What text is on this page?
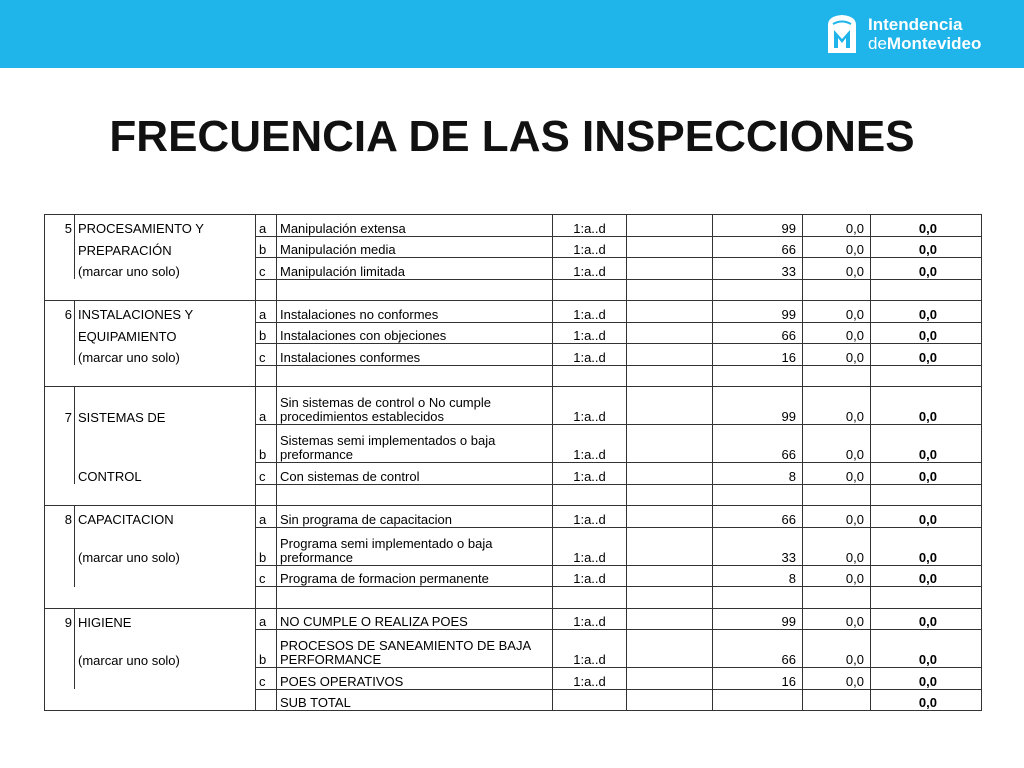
Intendencia
deMontevideo
FRECUENCIA DE LAS INSPECCIONES
5	PROCESAMIENTO Y	a	Manipulación extensa	1:a..d		99	0,0	0,0
	PREPARACIÓN	b	Manipulación media	1:a..d		66	0,0	0,0
	(marcar uno solo)	c	Manipulación limitada	1:a..d		33	0,0	0,0

6	INSTALACIONES Y	a	Instalaciones no conformes	1:a..d		99	0,0	0,0
	EQUIPAMIENTO	b	Instalaciones con objeciones	1:a..d		66	0,0	0,0
	(marcar uno solo)	c	Instalaciones conformes	1:a..d		16	0,0	0,0

7	SISTEMAS DE	a	Sin sistemas de control o No cumple procedimientos establecidos	1:a..d		99	0,0	0,0
		b	Sistemas semi implementados o baja preformance	1:a..d		66	0,0	0,0
	CONTROL	c	Con sistemas de control	1:a..d		8	0,0	0,0

8	CAPACITACION	a	Sin programa de capacitacion	1:a..d		66	0,0	0,0
	(marcar uno solo)	b	Programa semi implementado o baja preformance	1:a..d		33	0,0	0,0
		c	Programa de formacion permanente	1:a..d		8	0,0	0,0

9	HIGIENE	a	NO CUMPLE O REALIZA POES	1:a..d		99	0,0	0,0
	(marcar uno solo)	b	PROCESOS DE SANEAMIENTO DE BAJA PERFORMANCE	1:a..d		66	0,0	0,0
		c	POES OPERATIVOS	1:a..d		16	0,0	0,0
			SUB TOTAL					0,0
